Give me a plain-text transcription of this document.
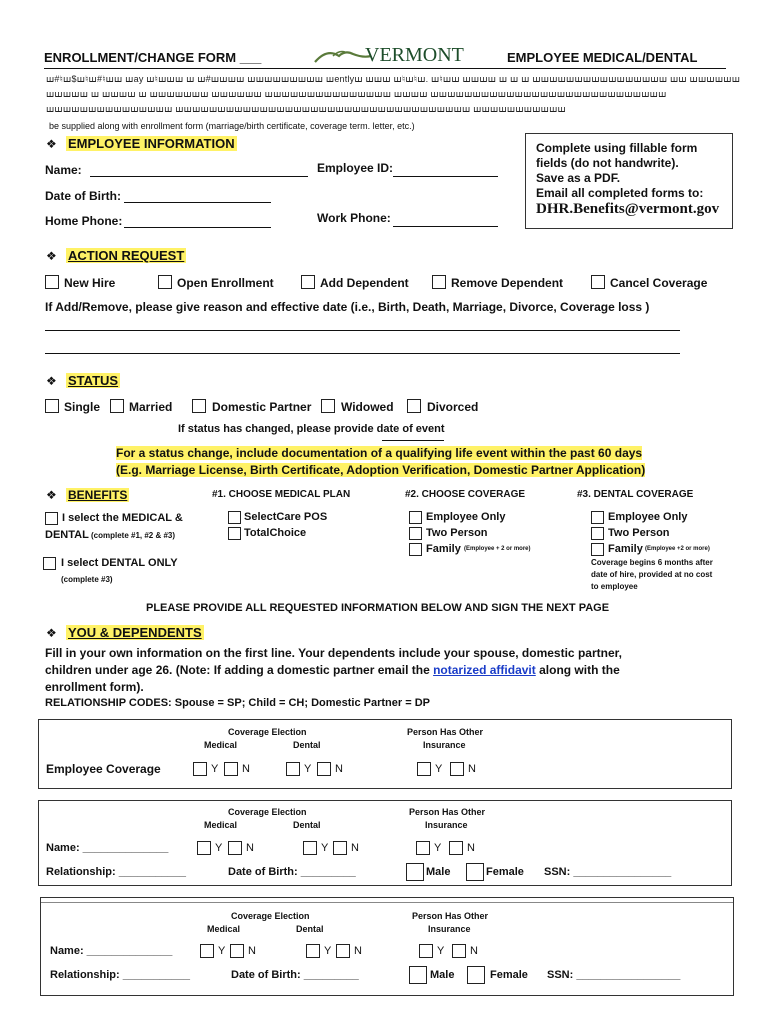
ENROLLMENT/CHANGE FORM ___	VERMONT	EMPLOYEE MEDICAL/DENTAL
ꟺ#♮ꟺ$ꟺ♮ꟺ#♮ꟺꟺ ꟺay ꟺ♮ꟺꟺꟺ ꟺ ꟺ#ꟺꟺꟺꟺ ꟺꟺꟺꟺꟺꟺꟺꟺꟺ ꟺentlyꟺ ꟺꟺꟺ ꟺ♮ꟺ♮ꟺ. ꟺ♮ꟺꟺ ꟺꟺꟺꟺ ꟺ ꟺ ꟺ ꟺꟺꟺꟺꟺꟺꟺꟺꟺꟺꟺꟺꟺꟺꟺꟺ ꟺꟺ ꟺꟺꟺꟺꟺꟺ
ꟺꟺꟺꟺꟺ ꟺ ꟺꟺꟺꟺ ꟺ ꟺꟺꟺꟺꟺꟺꟺ ꟺꟺꟺꟺꟺꟺ ꟺꟺꟺꟺꟺꟺꟺꟺꟺꟺꟺꟺꟺꟺꟺ ꟺꟺꟺꟺ ꟺꟺꟺꟺꟺꟺꟺꟺꟺꟺꟺꟺꟺꟺꟺꟺꟺꟺꟺꟺꟺꟺꟺꟺꟺꟺꟺꟺ
ꟺꟺꟺꟺꟺꟺꟺꟺꟺꟺꟺꟺꟺꟺꟺ ꟺꟺꟺꟺꟺꟺꟺꟺꟺꟺꟺꟺꟺꟺꟺꟺꟺꟺꟺꟺꟺꟺꟺꟺꟺꟺꟺꟺꟺꟺꟺꟺꟺꟺꟺ ꟺꟺꟺꟺꟺꟺꟺꟺꟺꟺꟺ
be supplied along with enrollment form (marriage/birth certificate, coverage term. letter, etc.)
Complete using fillable form
fields (do not handwrite).
Save as a PDF.
Email all completed forms to:
DHR.Benefits@vermont.gov
❖ EMPLOYEE INFORMATION
Name:	Employee ID:
Date of Birth:
Home Phone:	Work Phone:
❖ ACTION REQUEST
New Hire	Open Enrollment	Add Dependent	Remove Dependent	Cancel Coverage
If Add/Remove, please give reason and effective date (i.e., Birth, Death, Marriage, Divorce, Coverage loss )
❖ STATUS
Single Married	Domestic Partner Widowed	Divorced
If status has changed, please provide date of event
For a status change, include documentation of a qualifying life event within the past 60 days
(E.g. Marriage License, Birth Certificate, Adoption Verification, Domestic Partner Application)
❖ BENEFITS	#1. CHOOSE MEDICAL PLAN	#2. CHOOSE COVERAGE	#3. DENTAL COVERAGE
I select the MEDICAL &
DENTAL (complete #1, #2 & #3)
I select DENTAL ONLY
(complete #3)
SelectCare POS
TotalChoice
Employee Only
Two Person
Family (Employee + 2 or more)
Employee Only
Two Person
Family (Employee +2 or more)
Coverage begins 6 months after
date of hire, provided at no cost
to employee
PLEASE PROVIDE ALL REQUESTED INFORMATION BELOW AND SIGN THE NEXT PAGE
❖ YOU & DEPENDENTS
Fill in your own information on the first line. Your dependents include your spouse, domestic partner,
children under age 26. (Note: If adding a domestic partner email the notarized affidavit along with the
enrollment form).
RELATIONSHIP CODES: Spouse = SP; Child = CH; Domestic Partner = DP
Coverage Election
Medical	Dental
Person Has Other
Insurance
Employee Coverage	Y N	Y N	Y N
Coverage Election
Medical	Dental
Person Has Other
Insurance
Name: ______________	Y N	Y N	Y N
Relationship: ___________	Date of Birth: _________	Male	Female SSN: ________________
Coverage Election
Medical	Dental
Person Has Other
Insurance
Name: ______________	Y N	Y N	Y N
Relationship: ___________	Date of Birth: _________	Male	Female SSN: _________________
